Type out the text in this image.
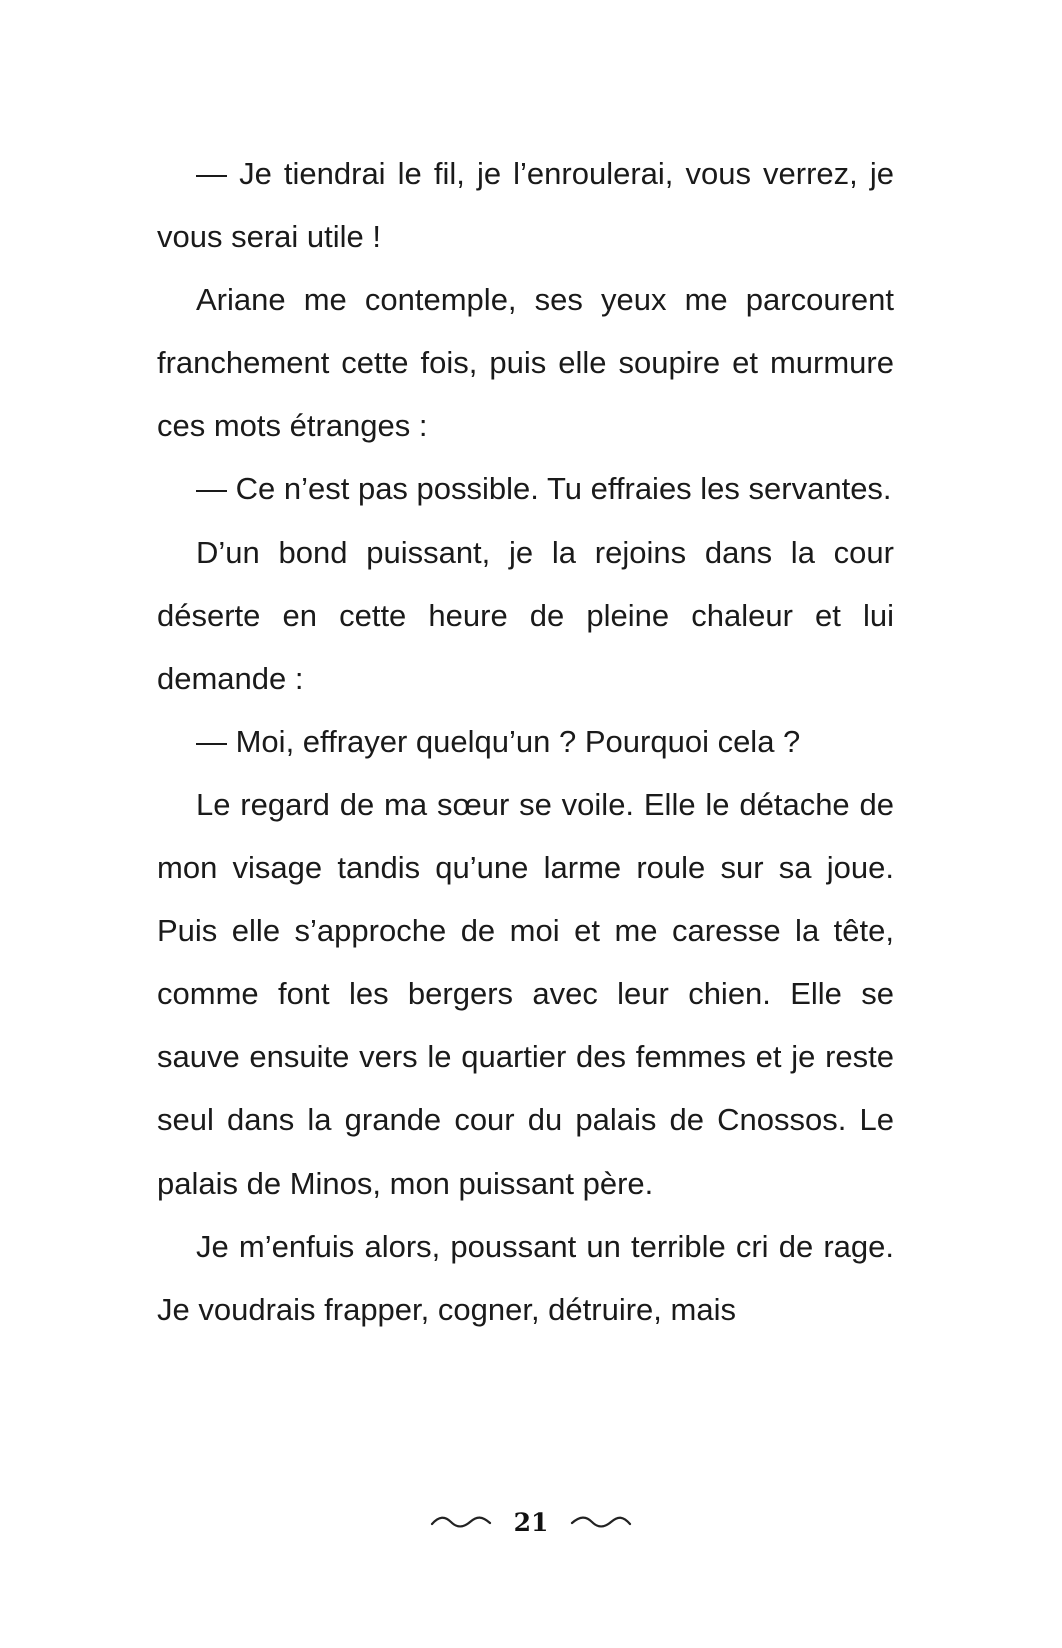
— Je tiendrai le fil, je l’enroulerai, vous verrez, je vous serai utile !

Ariane me contemple, ses yeux me parcourent franchement cette fois, puis elle soupire et murmure ces mots étranges :

— Ce n’est pas possible. Tu effraies les servantes.

D’un bond puissant, je la rejoins dans la cour déserte en cette heure de pleine chaleur et lui demande :

— Moi, effrayer quelqu’un ? Pourquoi cela ?

Le regard de ma sœur se voile. Elle le détache de mon visage tandis qu’une larme roule sur sa joue. Puis elle s’approche de moi et me caresse la tête, comme font les bergers avec leur chien. Elle se sauve ensuite vers le quartier des femmes et je reste seul dans la grande cour du palais de Cnossos. Le palais de Minos, mon puissant père.

Je m’enfuis alors, poussant un terrible cri de rage. Je voudrais frapper, cogner, détruire, mais

21
